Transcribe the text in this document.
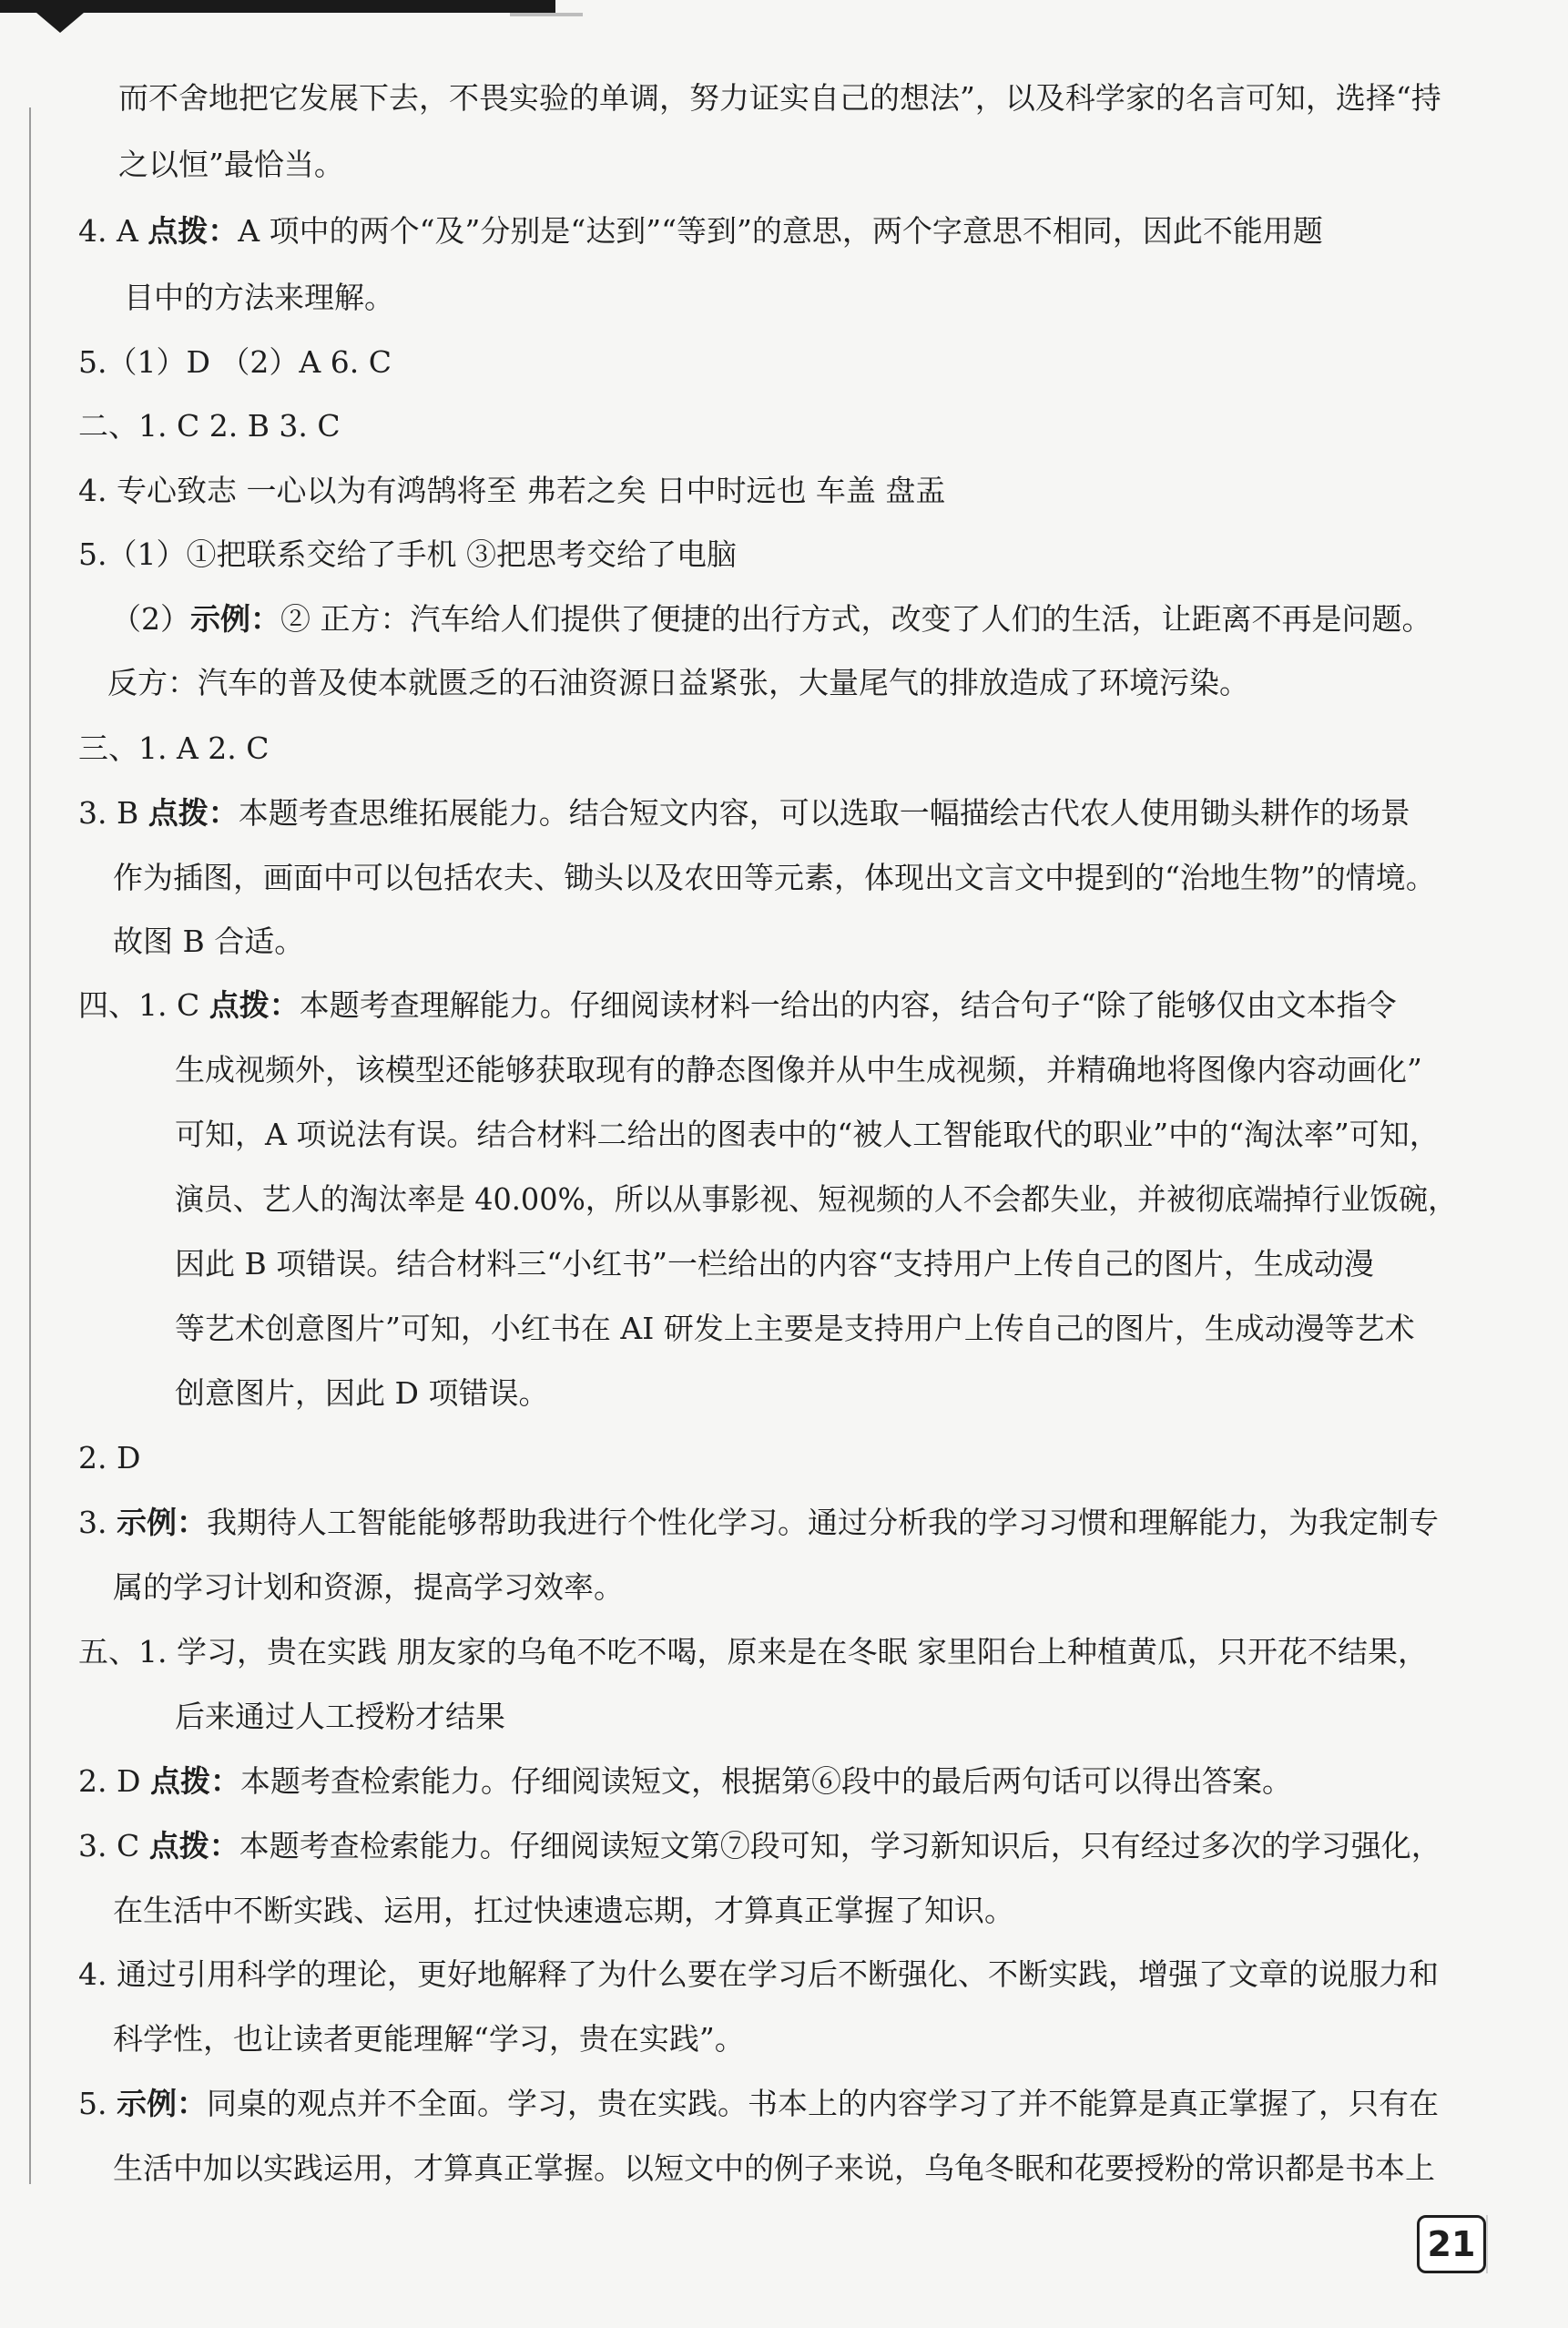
而不舍地把它发展下去，不畏实验的单调，努力证实自己的想法”，以及科学家的名言可知，选择“持
之以恒”最恰当。
4. A 点拨：A 项中的两个“及”分别是“达到”“等到”的意思，两个字意思不相同，因此不能用题
目中的方法来理解。
5.（1）D （2）A 6. C
二、1. C 2. B 3. C
4. 专心致志 一心以为有鸿鹄将至 弗若之矣 日中时远也 车盖 盘盂
5.（1）①把联系交给了手机 ③把思考交给了电脑
（2）示例：② 正方：汽车给人们提供了便捷的出行方式，改变了人们的生活，让距离不再是问题。
反方：汽车的普及使本就匮乏的石油资源日益紧张，大量尾气的排放造成了环境污染。
三、1. A 2. C
3. B 点拨：本题考查思维拓展能力。结合短文内容，可以选取一幅描绘古代农人使用锄头耕作的场景
作为插图，画面中可以包括农夫、锄头以及农田等元素，体现出文言文中提到的“治地生物”的情境。
故图 B 合适。
四、1. C 点拨：本题考查理解能力。仔细阅读材料一给出的内容，结合句子“除了能够仅由文本指令
生成视频外，该模型还能够获取现有的静态图像并从中生成视频，并精确地将图像内容动画化”
可知，A 项说法有误。结合材料二给出的图表中的“被人工智能取代的职业”中的“淘汰率”可知，
演员、艺人的淘汰率是 40.00%，所以从事影视、短视频的人不会都失业，并被彻底端掉行业饭碗，
因此 B 项错误。结合材料三“小红书”一栏给出的内容“支持用户上传自己的图片，生成动漫
等艺术创意图片”可知，小红书在 AI 研发上主要是支持用户上传自己的图片，生成动漫等艺术
创意图片，因此 D 项错误。
2. D
3. 示例：我期待人工智能能够帮助我进行个性化学习。通过分析我的学习习惯和理解能力，为我定制专
属的学习计划和资源，提高学习效率。
五、1. 学习，贵在实践 朋友家的乌龟不吃不喝，原来是在冬眠 家里阳台上种植黄瓜，只开花不结果，
后来通过人工授粉才结果
2. D 点拨：本题考查检索能力。仔细阅读短文，根据第⑥段中的最后两句话可以得出答案。
3. C 点拨：本题考查检索能力。仔细阅读短文第⑦段可知，学习新知识后，只有经过多次的学习强化，
在生活中不断实践、运用，扛过快速遗忘期，才算真正掌握了知识。
4. 通过引用科学的理论，更好地解释了为什么要在学习后不断强化、不断实践，增强了文章的说服力和
科学性，也让读者更能理解“学习，贵在实践”。
5. 示例：同桌的观点并不全面。学习，贵在实践。书本上的内容学习了并不能算是真正掌握了，只有在
生活中加以实践运用，才算真正掌握。以短文中的例子来说，乌龟冬眠和花要授粉的常识都是书本上
21
